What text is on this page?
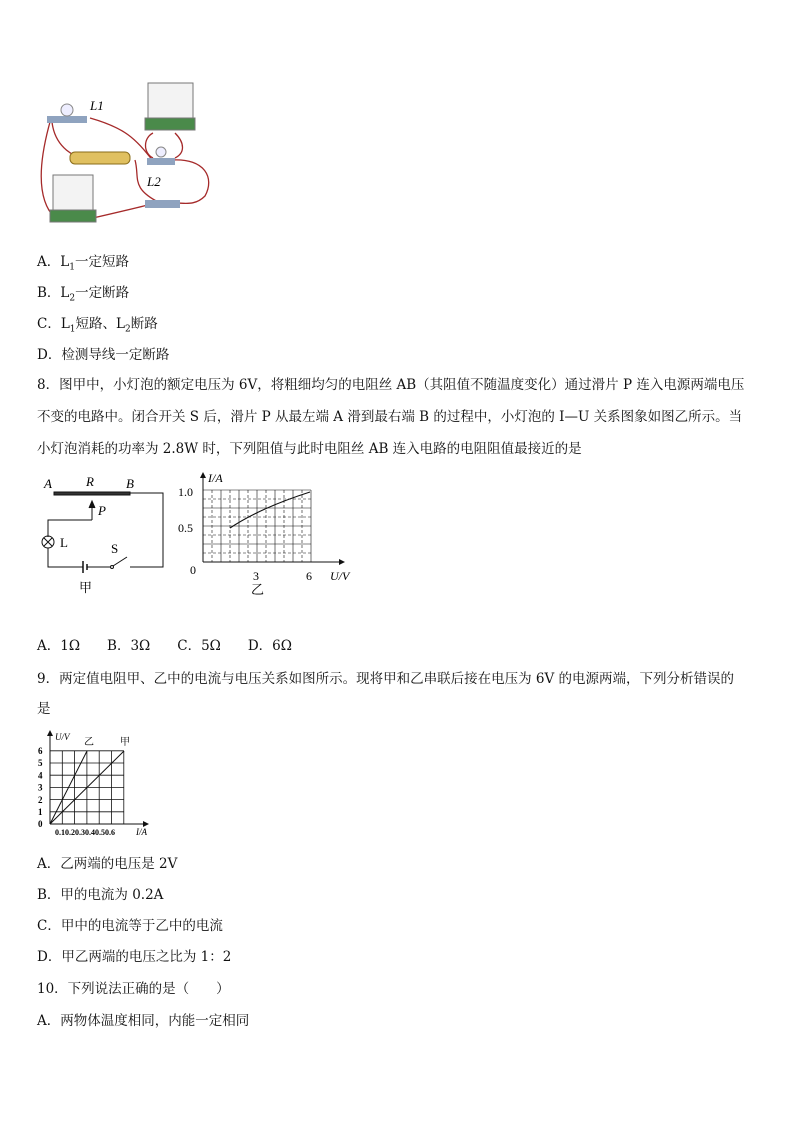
L1
L2
A．$L_1$一定短路
B．$L_2$一定断路
C．$L_1$短路、$L_2$断路
D．检测导线一定断路
8．图甲中，小灯泡的额定电压为 6V，将粗细均匀的电阻丝 AB（其阻值不随温度变化）通过滑片 P 连入电源两端电压
不变的电路中。闭合开关 S 后，滑片 P 从最左端 A 滑到最右端 B 的过程中，小灯泡的 I—U 关系图象如图乙所示。当
小灯泡消耗的功率为 2.8W 时，下列阻值与此时电阻丝 AB 连入电路的电阻阻值最接近的是
A	R B
P
L	S
甲
I/A
1.0
0.5
0	3	6 U/V
乙
A．1Ω　　B．3Ω　　C．5Ω　　D．6Ω
9．两定值电阻甲、乙中的电流与电压关系如图所示。现将甲和乙串联后接在电压为 6V 的电源两端，下列分析错误的
是
U/V 乙	甲
6
5
4
3
2
1
0
0.10.20.30.40.50.6 I/A
A．乙两端的电压是 2V
B．甲的电流为 0.2A
C．甲中的电流等于乙中的电流
D．甲乙两端的电压之比为 1：2
10．下列说法正确的是（　　）
A．两物体温度相同，内能一定相同
